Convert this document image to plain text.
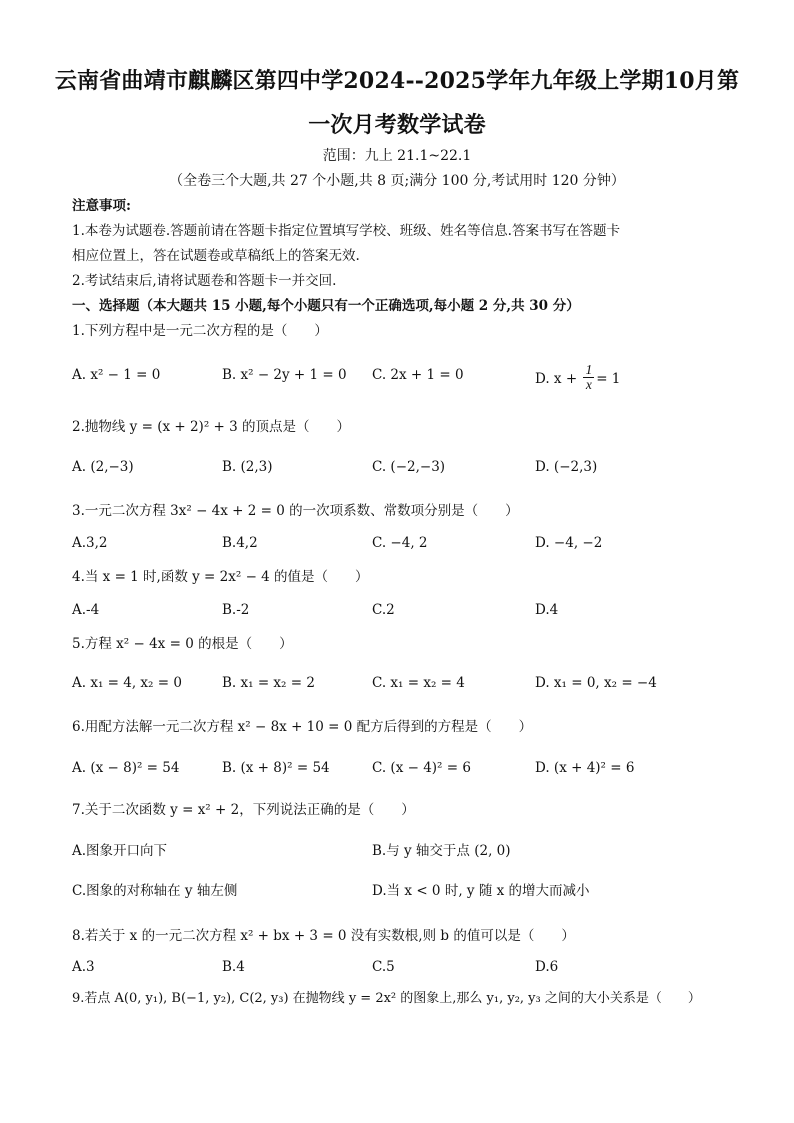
云南省曲靖市麒麟区第四中学2024--2025学年九年级上学期10月第
一次月考数学试卷
范围：九上 21.1~22.1
（全卷三个大题,共 27 个小题,共 8 页;满分 100 分,考试用时 120 分钟）
注意事项:
1.本卷为试题卷.答题前请在答题卡指定位置填写学校、班级、姓名等信息.答案书写在答题卡
相应位置上，答在试题卷或草稿纸上的答案无效.
2.考试结束后,请将试题卷和答题卡一并交回.
一、选择题（本大题共 15 小题,每个小题只有一个正确选项,每小题 2 分,共 30 分）
1.下列方程中是一元二次方程的是（　　）
A. x² − 1 = 0	B. x² − 2y + 1 = 0 C. 2x + 1 = 0	D. $x + \frac{1}{x} = 1$
2.抛物线 y = (x + 2)² + 3 的顶点是（　　）
A. (2,−3)	B. (2,3)	C. (−2,−3)	D. (−2,3)
3.一元二次方程 3x² − 4x + 2 = 0 的一次项系数、常数项分别是（　　）
A.3,2	B.4,2	C. −4, 2	D. −4, −2
4.当 x = 1 时,函数 y = 2x² − 4 的值是（　　）
A.-4	B.-2	C.2	D.4
5.方程 x² − 4x = 0 的根是（　　）
A. x₁ = 4, x₂ = 0	B. x₁ = x₂ = 2	C. x₁ = x₂ = 4	D. x₁ = 0, x₂ = −4
6.用配方法解一元二次方程 x² − 8x + 10 = 0 配方后得到的方程是（　　）
A. (x − 8)² = 54	B. (x + 8)² = 54	C. (x − 4)² = 6	D. (x + 4)² = 6
7.关于二次函数 y = x² + 2，下列说法正确的是（　　）
A.图象开口向下	B.与 y 轴交于点 (2, 0)
C.图象的对称轴在 y 轴左侧	D.当 x < 0 时, y 随 x 的增大而减小
8.若关于 x 的一元二次方程 x² + bx + 3 = 0 没有实数根,则 b 的值可以是（　　）
A.3	B.4	C.5	D.6
9.若点 A(0, y₁), B(−1, y₂), C(2, y₃) 在抛物线 y = 2x² 的图象上,那么 y₁, y₂, y₃ 之间的大小关系是（　　）
